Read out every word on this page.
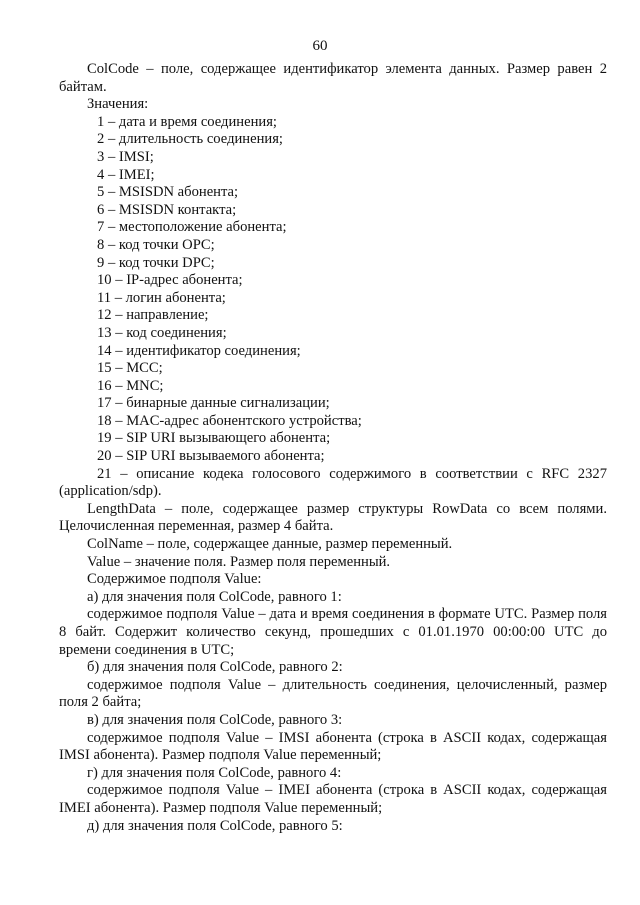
60

ColCode – поле, содержащее идентификатор элемента данных. Размер равен 2 байтам.

Значения:

1 – дата и время соединения;
2 – длительность соединения;
3 – IMSI;
4 – IMEI;
5 – MSISDN абонента;
6 – MSISDN контакта;
7 – местоположение абонента;
8 – код точки OPC;
9 – код точки DPC;
10 – IP-адрес абонента;
11 – логин абонента;
12 – направление;
13 – код соединения;
14 – идентификатор соединения;
15 – MCC;
16 – MNC;
17 – бинарные данные сигнализации;
18 – MAC-адрес абонентского устройства;
19 – SIP URI вызывающего абонента;
20 – SIP URI вызываемого абонента;

21 – описание кодека голосового содержимого в соответствии с RFC 2327 (application/sdp).

LengthData – поле, содержащее размер структуры RowData со всем полями. Целочисленная переменная, размер 4 байта.

ColName – поле, содержащее данные, размер переменный.

Value – значение поля. Размер поля переменный.

Содержимое подполя Value:

а) для значения поля ColCode, равного 1:

содержимое подполя Value – дата и время соединения в формате UTC. Размер поля 8 байт. Содержит количество секунд, прошедших с 01.01.1970 00:00:00 UTC до времени соединения в UTC;

б) для значения поля ColCode, равного 2:

содержимое подполя Value – длительность соединения, целочисленный, размер поля 2 байта;

в) для значения поля ColCode, равного 3:

содержимое подполя Value – IMSI абонента (строка в ASCII кодах, содержащая IMSI абонента). Размер подполя Value переменный;

г) для значения поля ColCode, равного 4:

содержимое подполя Value – IMEI абонента (строка в ASCII кодах, содержащая IMEI абонента). Размер подполя Value переменный;

д) для значения поля ColCode, равного 5:
